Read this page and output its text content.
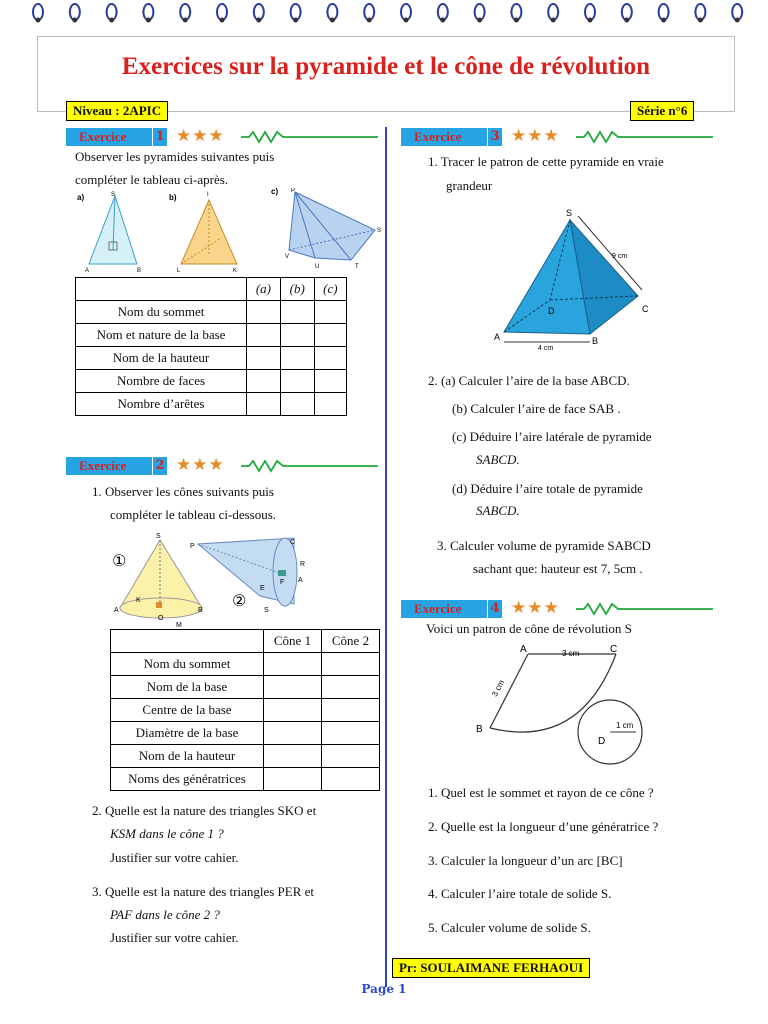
Exercices sur la pyramide et le cône de révolution
Niveau : 2APIC	Série n°6
Exercice	1 ★★★
Observer les pyramides suivantes puis
compléter le tableau ci-après.
a)	S
A	B
b)	I
L	K
c) P
S
V
U	T
	(a)	(b)	(c)
Nom du sommet			
Nom et nature de la base			
Nom de la hauteur			
Nombre de faces			
Nombre d’arêtes			
Exercice	2 ★★★
1. Observer les cônes suivants puis
compléter le tableau ci-dessous.
①
S
A	B
K
O
M
②
P
C
R
A
E
F
S
	Cône 1	Cône 2
Nom du sommet		
Nom de la base		
Centre de la base		
Diamètre de la base		
Nom de la hauteur		
Noms des génératrices		
2. Quelle est la nature des triangles SKO et
KSM dans le cône 1 ?
Justifier sur votre cahier.
3. Quelle est la nature des triangles PER et
PAF dans le cône 2 ?
Justifier sur votre cahier.
Exercice	3 ★★★
1. Tracer le patron de cette pyramide en vraie
grandeur
S
A	B
C
D
9 cm
4 cm
2. (a) Calculer l’aire de la base ABCD.
(b) Calculer l’aire de face SAB .
(c) Déduire l’aire latérale de pyramide
SABCD.
(d) Déduire l’aire totale de pyramide
SABCD.
3. Calculer volume de pyramide SABCD
sachant que: hauteur est 7, 5cm .
Exercice	4 ★★★
Voici un patron de cône de révolution S
A	C
B
D
3 cm
3 cm
1 cm
1. Quel est le sommet et rayon de ce cône ?
2. Quelle est la longueur d’une génératrice ?
3. Calculer la longueur d’un arc [BC]
4. Calculer l’aire totale de solide S.
5. Calculer volume de solide S.
Pr: SOULAIMANE FERHAOUI
Page 1
